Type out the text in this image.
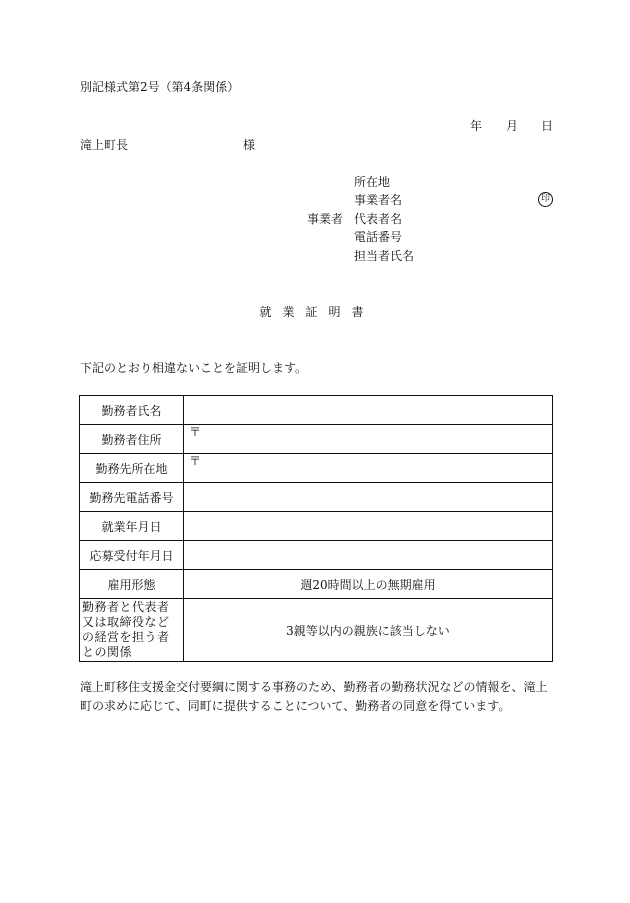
別記様式第2号（第4条関係）
年 月 日
滝上町長	様
事業者
所在地
事業者名	印
代表者名
電話番号
担当者氏名
就業証明書
下記のとおり相違ないことを証明します。
勤務者氏名	
勤務者住所	〒
勤務先所在地	〒
勤務先電話番号	
就業年月日	
応募受付年月日	
雇用形態	週20時間以上の無期雇用
勤務者と代表者又は取締役などの経営を担う者との関係	3親等以内の親族に該当しない
滝上町移住支援金交付要綱に関する事務のため、勤務者の勤務状況などの情報を、滝上町の求めに応じて、同町に提供することについて、勤務者の同意を得ています。
